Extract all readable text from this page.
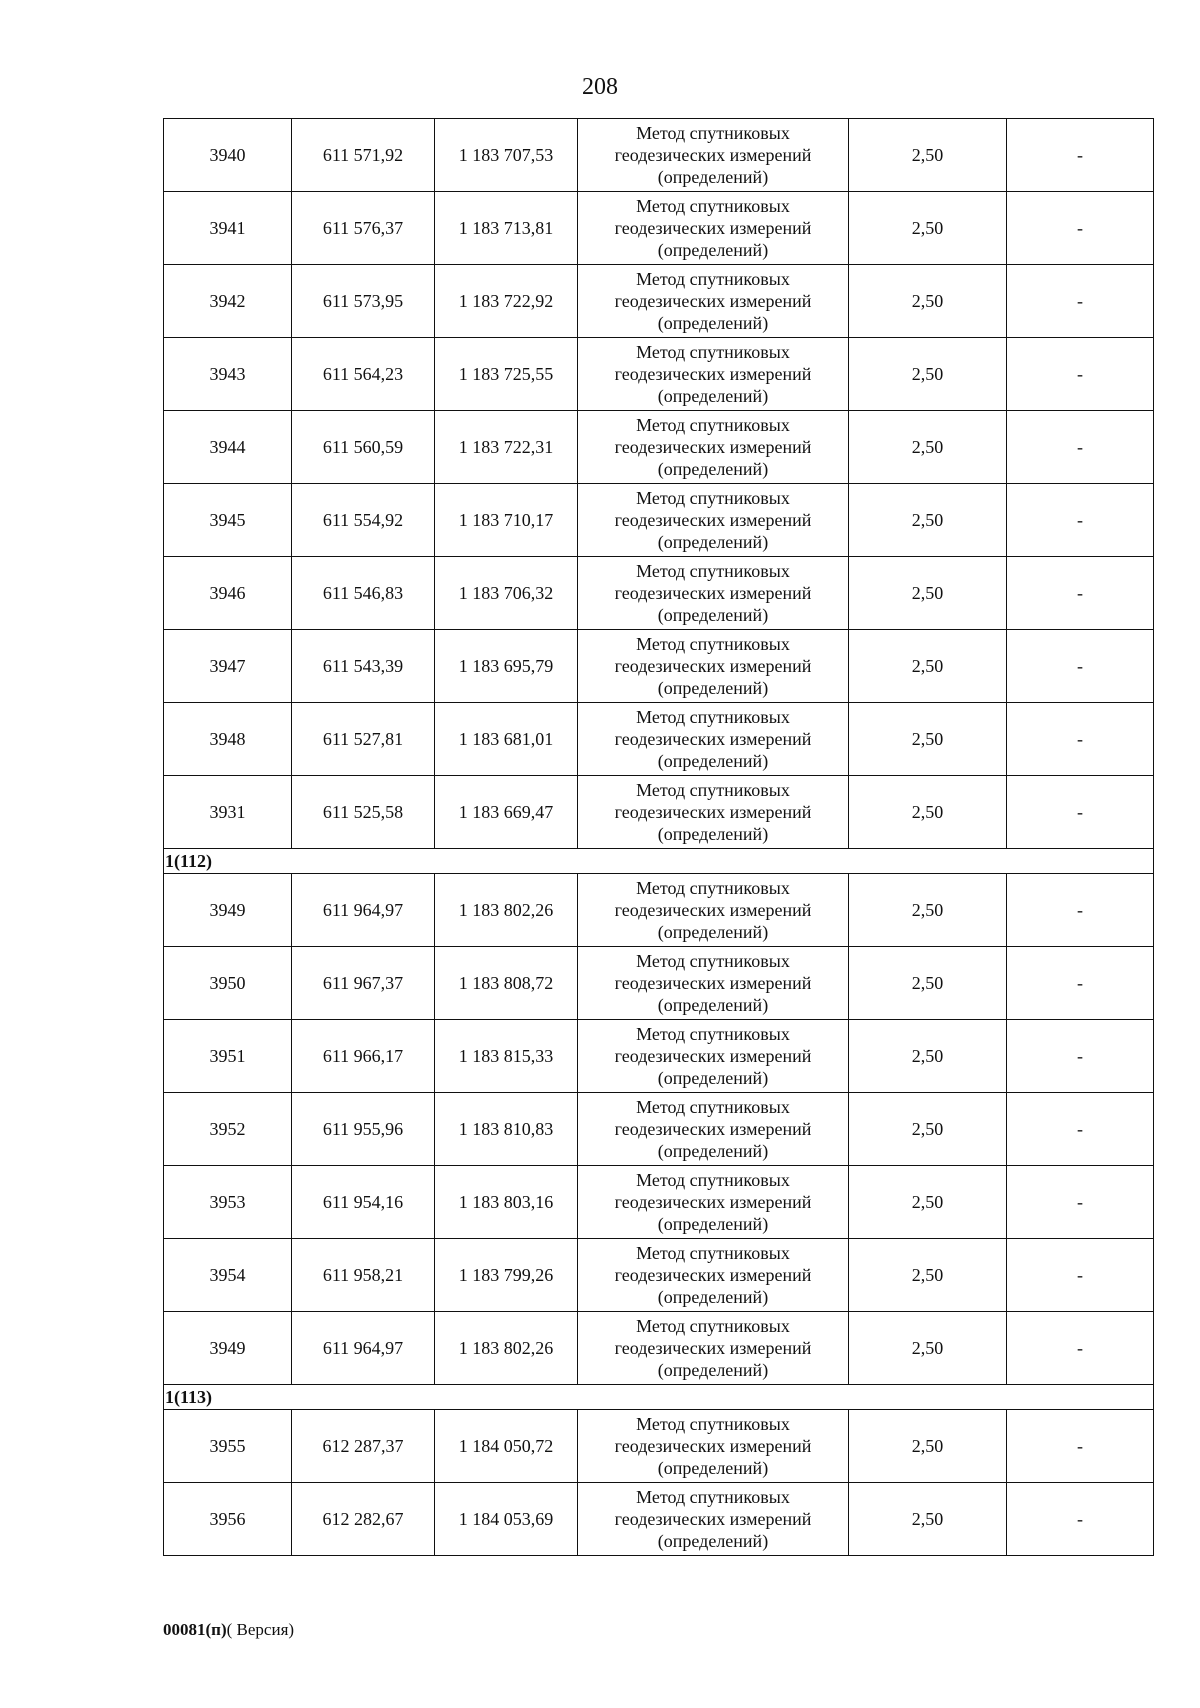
208
3940	611 571,92	1 183 707,53	Метод спутниковых
геодезических измерений
(определений)	2,50	-
3941	611 576,37	1 183 713,81	Метод спутниковых
геодезических измерений
(определений)	2,50	-
3942	611 573,95	1 183 722,92	Метод спутниковых
геодезических измерений
(определений)	2,50	-
3943	611 564,23	1 183 725,55	Метод спутниковых
геодезических измерений
(определений)	2,50	-
3944	611 560,59	1 183 722,31	Метод спутниковых
геодезических измерений
(определений)	2,50	-
3945	611 554,92	1 183 710,17	Метод спутниковых
геодезических измерений
(определений)	2,50	-
3946	611 546,83	1 183 706,32	Метод спутниковых
геодезических измерений
(определений)	2,50	-
3947	611 543,39	1 183 695,79	Метод спутниковых
геодезических измерений
(определений)	2,50	-
3948	611 527,81	1 183 681,01	Метод спутниковых
геодезических измерений
(определений)	2,50	-
3931	611 525,58	1 183 669,47	Метод спутниковых
геодезических измерений
(определений)	2,50	-
1(112)					
3949	611 964,97	1 183 802,26	Метод спутниковых
геодезических измерений
(определений)	2,50	-
3950	611 967,37	1 183 808,72	Метод спутниковых
геодезических измерений
(определений)	2,50	-
3951	611 966,17	1 183 815,33	Метод спутниковых
геодезических измерений
(определений)	2,50	-
3952	611 955,96	1 183 810,83	Метод спутниковых
геодезических измерений
(определений)	2,50	-
3953	611 954,16	1 183 803,16	Метод спутниковых
геодезических измерений
(определений)	2,50	-
3954	611 958,21	1 183 799,26	Метод спутниковых
геодезических измерений
(определений)	2,50	-
3949	611 964,97	1 183 802,26	Метод спутниковых
геодезических измерений
(определений)	2,50	-
1(113)					
3955	612 287,37	1 184 050,72	Метод спутниковых
геодезических измерений
(определений)	2,50	-
3956	612 282,67	1 184 053,69	Метод спутниковых
геодезических измерений
(определений)	2,50	-
00081(п)( Версия)
